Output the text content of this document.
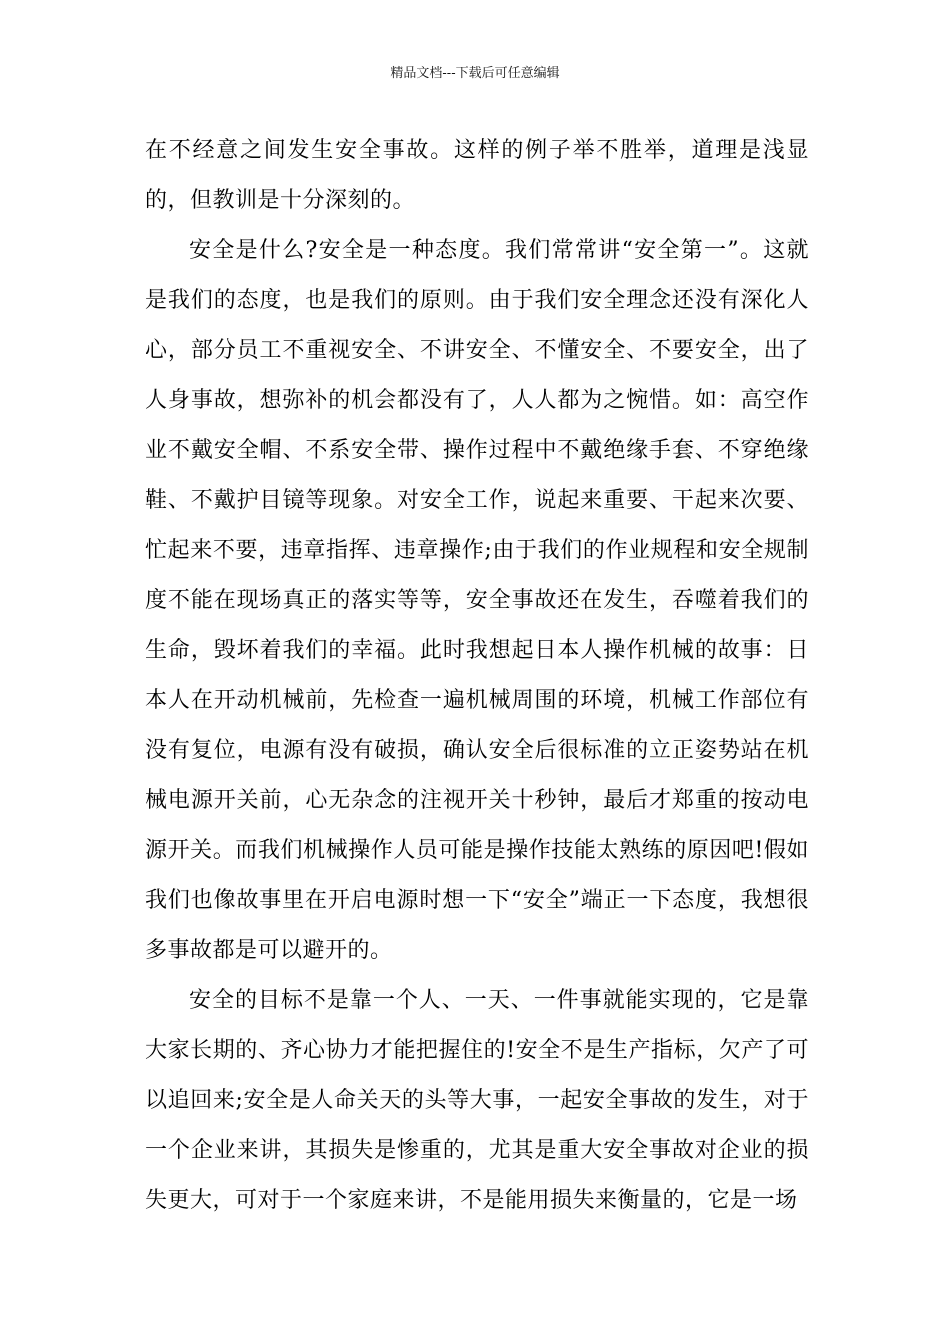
精品文档---下载后可任意编辑

在不经意之间发生安全事故。这样的例子举不胜举，道理是浅显的，但教训是十分深刻的。

安全是什么?安全是一种态度。我们常常讲“安全第一”。这就是我们的态度，也是我们的原则。由于我们安全理念还没有深化人心，部分员工不重视安全、不讲安全、不懂安全、不要安全，出了人身事故，想弥补的机会都没有了，人人都为之惋惜。如：高空作业不戴安全帽、不系安全带、操作过程中不戴绝缘手套、不穿绝缘鞋、不戴护目镜等现象。对安全工作，说起来重要、干起来次要、忙起来不要，违章指挥、违章操作;由于我们的作业规程和安全规制度不能在现场真正的落实等等，安全事故还在发生，吞噬着我们的生命，毁坏着我们的幸福。此时我想起日本人操作机械的故事：日本人在开动机械前，先检查一遍机械周围的环境，机械工作部位有没有复位，电源有没有破损，确认安全后很标准的立正姿势站在机械电源开关前，心无杂念的注视开关十秒钟，最后才郑重的按动电源开关。而我们机械操作人员可能是操作技能太熟练的原因吧!假如我们也像故事里在开启电源时想一下“安全”端正一下态度，我想很多事故都是可以避开的。

安全的目标不是靠一个人、一天、一件事就能实现的，它是靠大家长期的、齐心协力才能把握住的!安全不是生产指标，欠产了可以追回来;安全是人命关天的头等大事，一起安全事故的发生，对于一个企业来讲，其损失是惨重的，尤其是重大安全事故对企业的损失更大，可对于一个家庭来讲，不是能用损失来衡量的，它是一场
